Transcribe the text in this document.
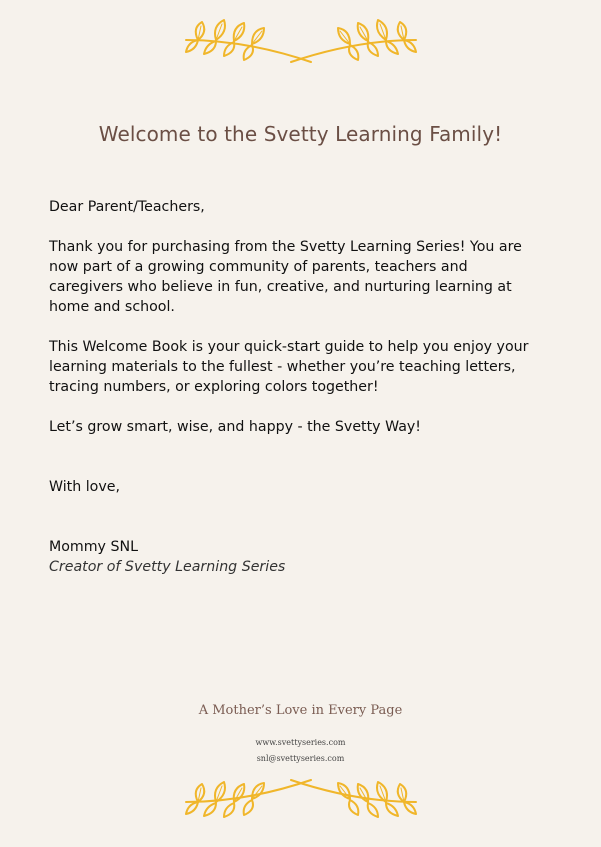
Welcome to the Svetty Learning Family!

Dear Parent/Teachers,

Thank you for purchasing from the Svetty Learning Series! You are now part of a growing community of parents, teachers and caregivers who believe in fun, creative, and nurturing learning at home and school.

This Welcome Book is your quick-start guide to help you enjoy your learning materials to the fullest - whether you’re teaching letters, tracing numbers, or exploring colors together!

Let’s grow smart, wise, and happy - the Svetty Way!

With love,

Mommy SNL

Creator of Svetty Learning Series

A Mother’s Love in Every Page
www.svettyseries.com
snl@svettyseries.com
